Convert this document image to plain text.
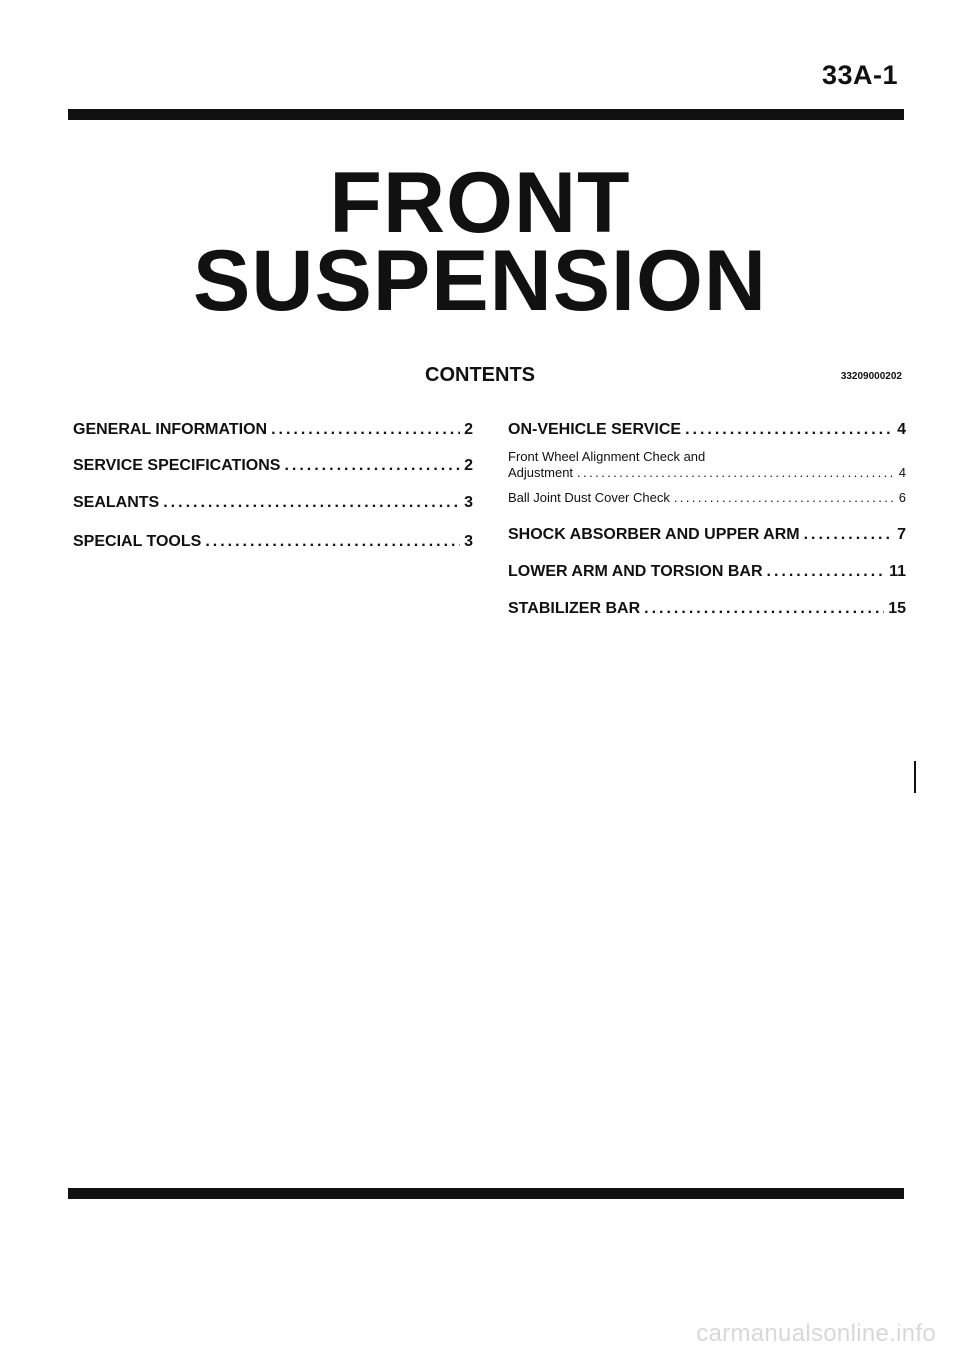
33A-1
FRONT
SUSPENSION
CONTENTS	33209000202
GENERAL INFORMATION .....	2
SERVICE SPECIFICATIONS .....	2
SEALANTS .....	3
SPECIAL TOOLS .....	3
ON-VEHICLE SERVICE .....	4
Front Wheel Alignment Check and
Adjustment .....	4
Ball Joint Dust Cover Check .....	6
SHOCK ABSORBER AND UPPER ARM .....	7
LOWER ARM AND TORSION BAR .....	11
STABILIZER BAR .....	15
carmanualsonline.info
